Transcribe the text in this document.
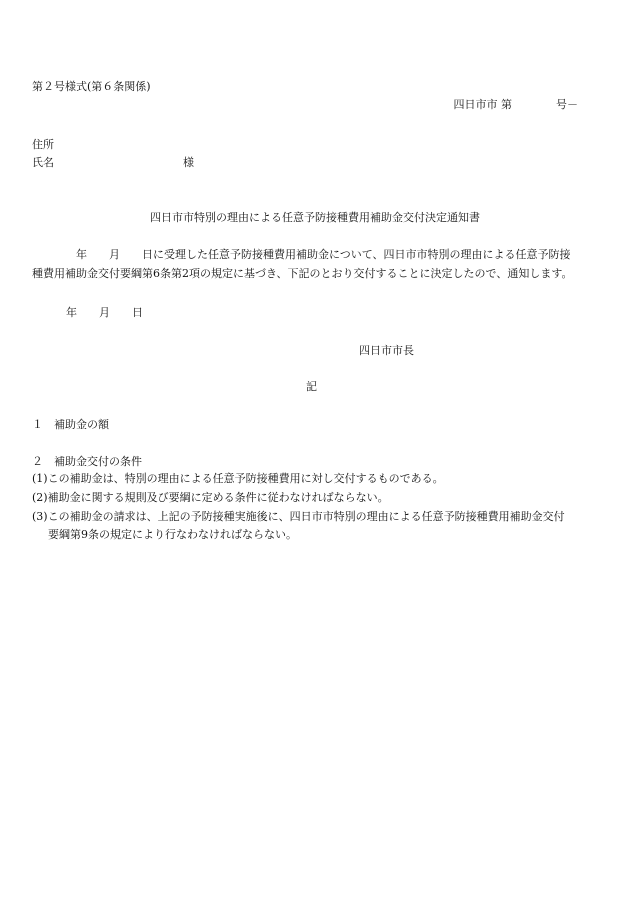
第２号様式(第６条関係)
四日市市 第　　　　号－
住所
氏名	様
四日市市特別の理由による任意予防接種費用補助金交付決定通知書
　　　　年　　月　　日に受理した任意予防接種費用補助金について、四日市市特別の理由による任意予防接
種費用補助金交付要綱第6条第2項の規定に基づき、下記のとおり交付することに決定したので、通知します。
年　　月　　日
四日市市長
記
１　補助金の額
２　補助金交付の条件
(1)この補助金は、特別の理由による任意予防接種費用に対し交付するものである。
(2)補助金に関する規則及び要綱に定める条件に従わなければならない。
(3)この補助金の請求は、上記の予防接種実施後に、四日市市特別の理由による任意予防接種費用補助金交付
要綱第9条の規定により行なわなければならない。
